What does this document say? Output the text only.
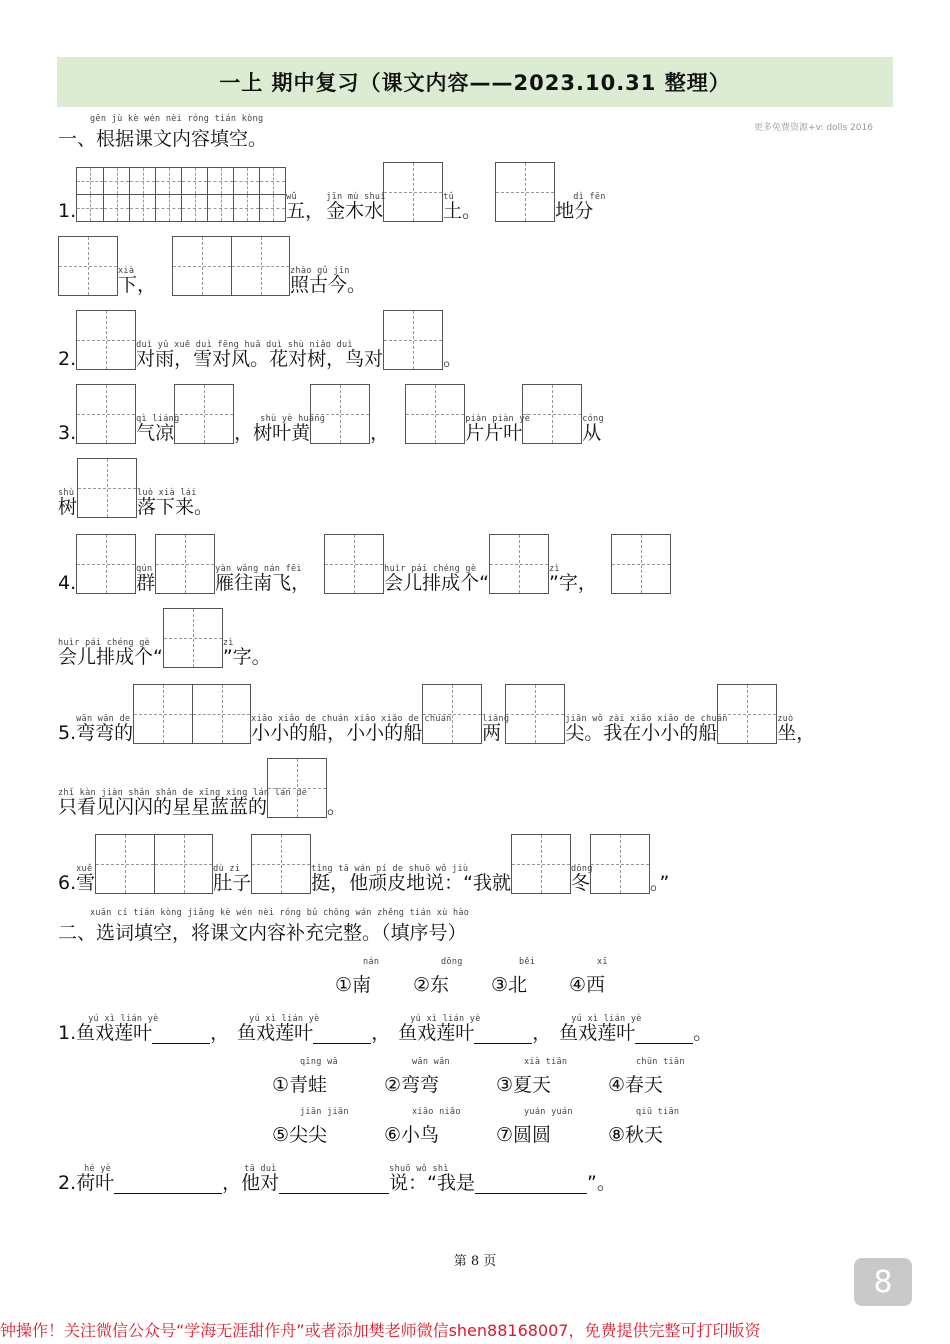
一上 期中复习（课文内容——2023.10.31 整理）
更多免费资源+v: dolls 2016
gēn jù kè wén nèi róng tián kòng
一、根据课文内容填空。
1.
wǔ
五，
jīn mù shuǐ
金木水
tǔ
土。
dì fēn
地分
xià
下，
zhào gǔ jīn
照古今。
2.
duì yǔ xuě duì fēng huā duì shù niǎo duì
对雨，雪对风。花对树，鸟对	。
3.
qì liáng
气凉
shù yè huáng
，树叶黄	，
piàn piàn yè
片片叶
cóng
从
shù
树
luò xià lái
落下来。
4.
qún
群
yàn wǎng nán fēi
雁往南飞，
huìr pái chéng gè
会儿排成个“
zì
”字，
huìr pái chéng gè
会儿排成个“
zì
”字。
5.
wān wān de
弯弯的
xiǎo xiǎo de chuán xiǎo xiǎo de chuán
小小的船，小小的船
liǎng
两
jiān wǒ zài xiǎo xiǎo de chuán
尖。我在小小的船
zuò
坐，
zhǐ kàn jiàn shǎn shǎn de xīng xing lán lán de
只看见闪闪的星星蓝蓝的	。
6.
xuě
雪
dù zi
肚子
tǐng tā wán pí de shuō wǒ jiù
挺，他顽皮地说：“我就
dōng
冬	。”
xuǎn cí tián kòng jiāng kè wén nèi róng bǔ chōng wán zhěng tián xù hào
二、选词填空，将课文内容补充完整。（填序号）
nán
①南
dōng
②东
běi
③北
xī
④西
1.
yú xì lián yè
鱼戏莲叶	，
yú xì lián yè
鱼戏莲叶	，
yú xì lián yè
鱼戏莲叶	，
yú xì lián yè
鱼戏莲叶	。
qīng wā
①青蛙
wān wān
②弯弯
xià tiān
③夏天
chūn tiān
④春天
jiān jiān
⑤尖尖
xiǎo niǎo
⑥小鸟
yuán yuán
⑦圆圆
qiū tiān
⑧秋天
2.
hé yè
荷叶
tā duì
，他对
shuō wǒ shì
说：“我是	”。
第 8 页
8
钟操作！关注微信公众号“学海无涯甜作舟”或者添加樊老师微信shen88168007，免费提供完整可打印版资
